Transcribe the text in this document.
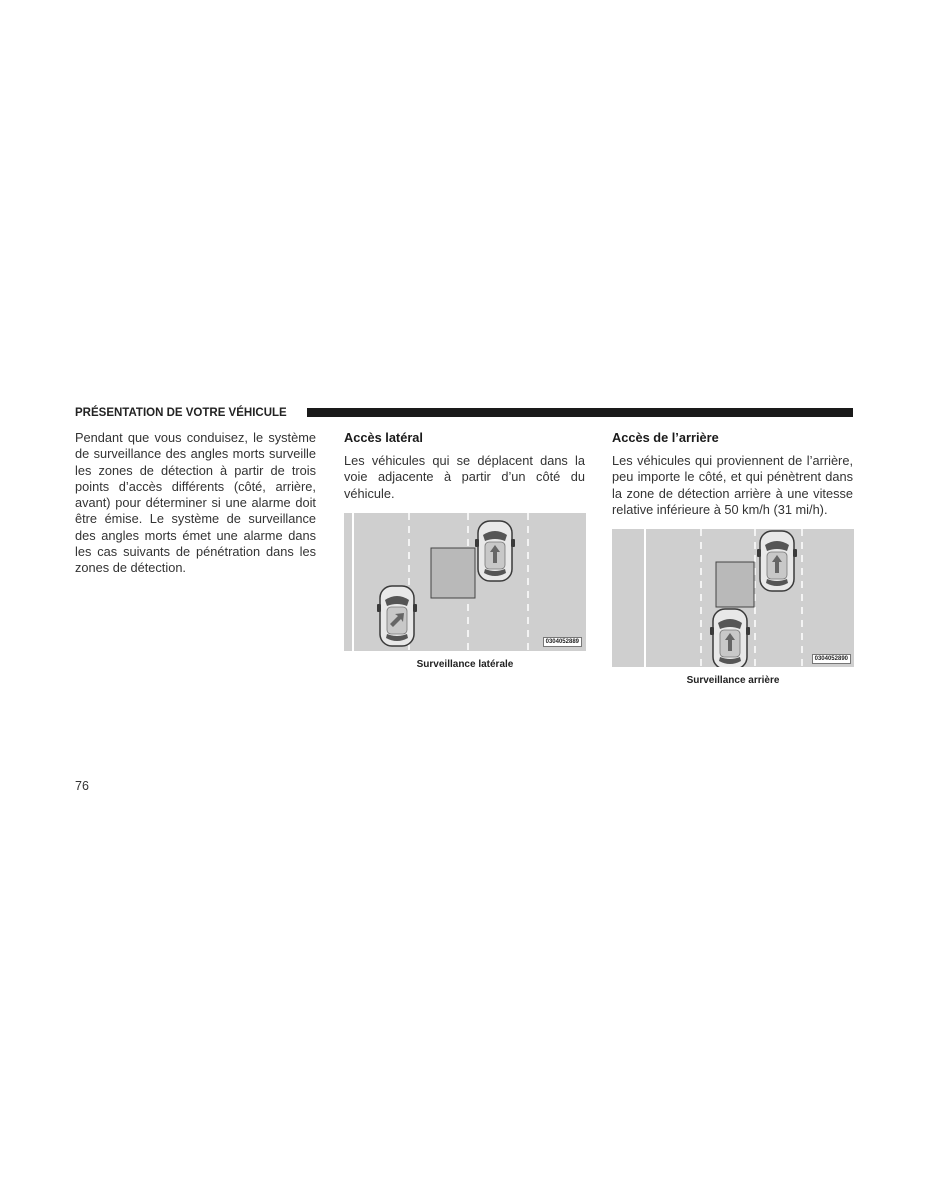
PRÉSENTATION DE VOTRE VÉHICULE
Pendant que vous conduisez, le système de surveillance des angles morts surveille les zones de détection à partir de trois points d’accès différents (côté, arrière, avant) pour déterminer si une alarme doit être émise. Le système de surveillance des angles morts émet une alarme dans les cas suivants de pénétration dans les zones de détection.
Accès latéral
Les véhicules qui se déplacent dans la voie adjacente à partir d’un côté du véhicule.
0304052889
Surveillance latérale
Accès de l’arrière
Les véhicules qui proviennent de l’arrière, peu importe le côté, et qui pénètrent dans la zone de détection arrière à une vitesse relative inférieure à 50 km/h (31 mi/h).
0304052890
Surveillance arrière
76
